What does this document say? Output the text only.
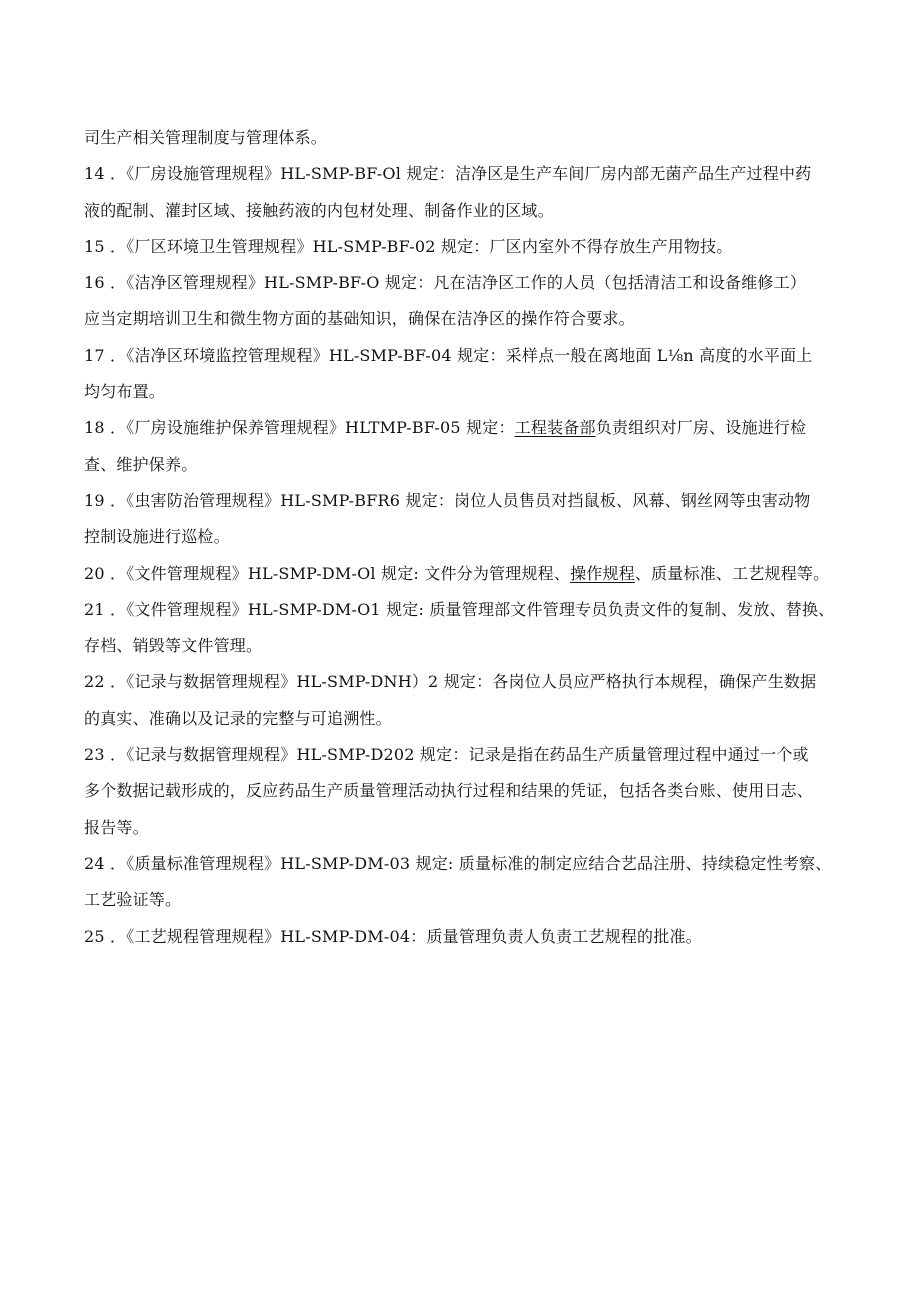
司生产相关管理制度与管理体系。
14 ．《厂房设施管理规程》HL-SMP-BF-Ol 规定：洁净区是生产车间厂房内部无菌产品生产过程中药
液的配制、灌封区域、接触药液的内包材处理、制备作业的区域。
15 ．《厂区环境卫生管理规程》HL-SMP-BF-02 规定：厂区内室外不得存放生产用物技。
16 ．《洁净区管理规程》HL-SMP-BF-O 规定：凡在洁净区工作的人员（包括清洁工和设备维修工）
应当定期培训卫生和微生物方面的基础知识，确保在洁净区的操作符合要求。
17 ．《洁净区环境监控管理规程》HL-SMP-BF-04 规定：采样点一般在离地面 L⅛n 高度的水平面上
均匀布置。
18 ．《厂房设施维护保养管理规程》HLTMP-BF-05 规定：工程装备部负责组织对厂房、设施进行检
查、维护保养。
19 ．《虫害防治管理规程》HL-SMP-BFR6 规定：岗位人员售员对挡鼠板、风幕、钢丝网等虫害动物
控制设施进行巡检。
20 ．《文件管理规程》HL-SMP-DM-Ol 规定: 文件分为管理规程、操作规程、质量标准、工艺规程等。
21 ．《文件管理规程》HL-SMP-DM-O1 规定: 质量管理部文件管理专员负责文件的复制、发放、替换、
存档、销毁等文件管理。
22 ．《记录与数据管理规程》HL-SMP-DNH）2 规定：各岗位人员应严格执行本规程，确保产生数据
的真实、准确以及记录的完整与可追溯性。
23 ．《记录与数据管理规程》HL-SMP-D202 规定：记录是指在药品生产质量管理过程中通过一个或
多个数据记载形成的，反应药品生产质量管理活动执行过程和结果的凭证，包括各类台账、使用日志、
报告等。
24 ．《质量标准管理规程》HL-SMP-DM-03 规定: 质量标准的制定应结合艺品注册、持续稳定性考察、
工艺验证等。
25 ．《工艺规程管理规程》HL-SMP-DM-04：质量管理负责人负责工艺规程的批准。
